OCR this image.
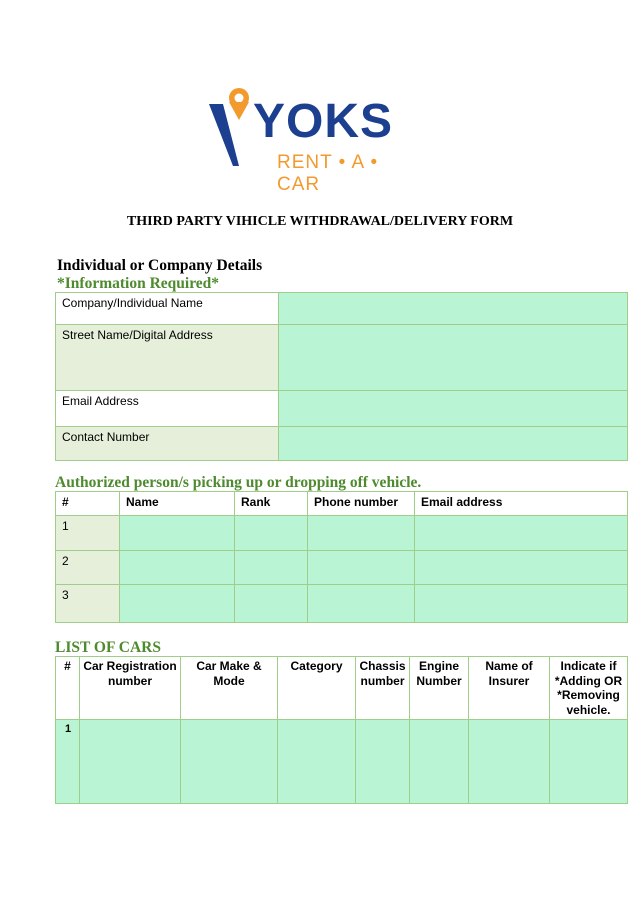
YOKS
RENT • A • CAR
THIRD PARTY VIHICLE WITHDRAWAL/DELIVERY FORM
Individual or Company Details
*Information Required*
Company/Individual Name	
Street Name/Digital Address	
Email Address	
Contact Number	
Authorized person/s picking up or dropping off vehicle.
#	Name	Rank	Phone number	Email address
1				
2				
3				
LIST OF CARS
#	Car Registration number	Car Make & Mode	Category	Chassis number	Engine Number	Name of Insurer	Indicate if *Adding OR *Removing vehicle.
1							
